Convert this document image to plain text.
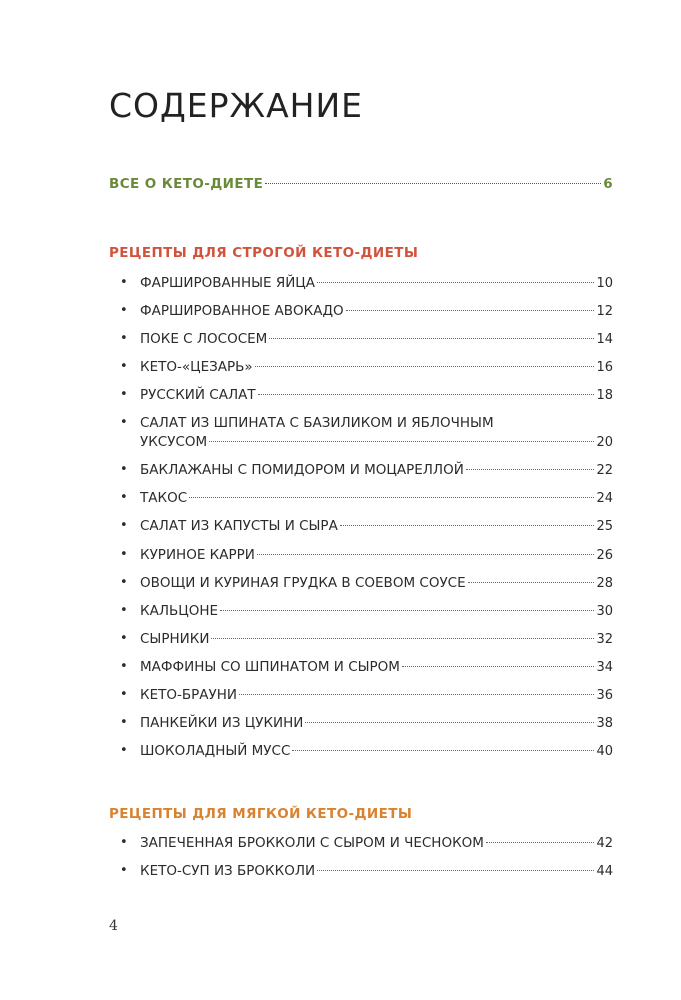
СОДЕРЖАНИЕ
ВСЕ О КЕТО-ДИЕТЕ	6
РЕЦЕПТЫ ДЛЯ СТРОГОЙ КЕТО-ДИЕТЫ
• ФАРШИРОВАННЫЕ ЯЙЦА	10
• ФАРШИРОВАННОЕ АВОКАДО	12
• ПОКЕ С ЛОСОСЕМ	14
• КЕТО-«ЦЕЗАРЬ»	16
• РУССКИЙ САЛАТ	18
• САЛАТ ИЗ ШПИНАТА С БАЗИЛИКОМ И ЯБЛОЧНЫМ
УКСУСОМ	20
• БАКЛАЖАНЫ С ПОМИДОРОМ И МОЦАРЕЛЛОЙ	22
• ТАКОС	24
• САЛАТ ИЗ КАПУСТЫ И СЫРА	25
• КУРИНОЕ КАРРИ	26
• ОВОЩИ И КУРИНАЯ ГРУДКА В СОЕВОМ СОУСЕ	28
• КАЛЬЦОНЕ	30
• СЫРНИКИ	32
• МАФФИНЫ СО ШПИНАТОМ И СЫРОМ	34
• КЕТО-БРАУНИ	36
• ПАНКЕЙКИ ИЗ ЦУКИНИ	38
• ШОКОЛАДНЫЙ МУСС	40
РЕЦЕПТЫ ДЛЯ МЯГКОЙ КЕТО-ДИЕТЫ
• ЗАПЕЧЕННАЯ БРОККОЛИ С СЫРОМ И ЧЕСНОКОМ	42
• КЕТО-СУП ИЗ БРОККОЛИ	44
4
